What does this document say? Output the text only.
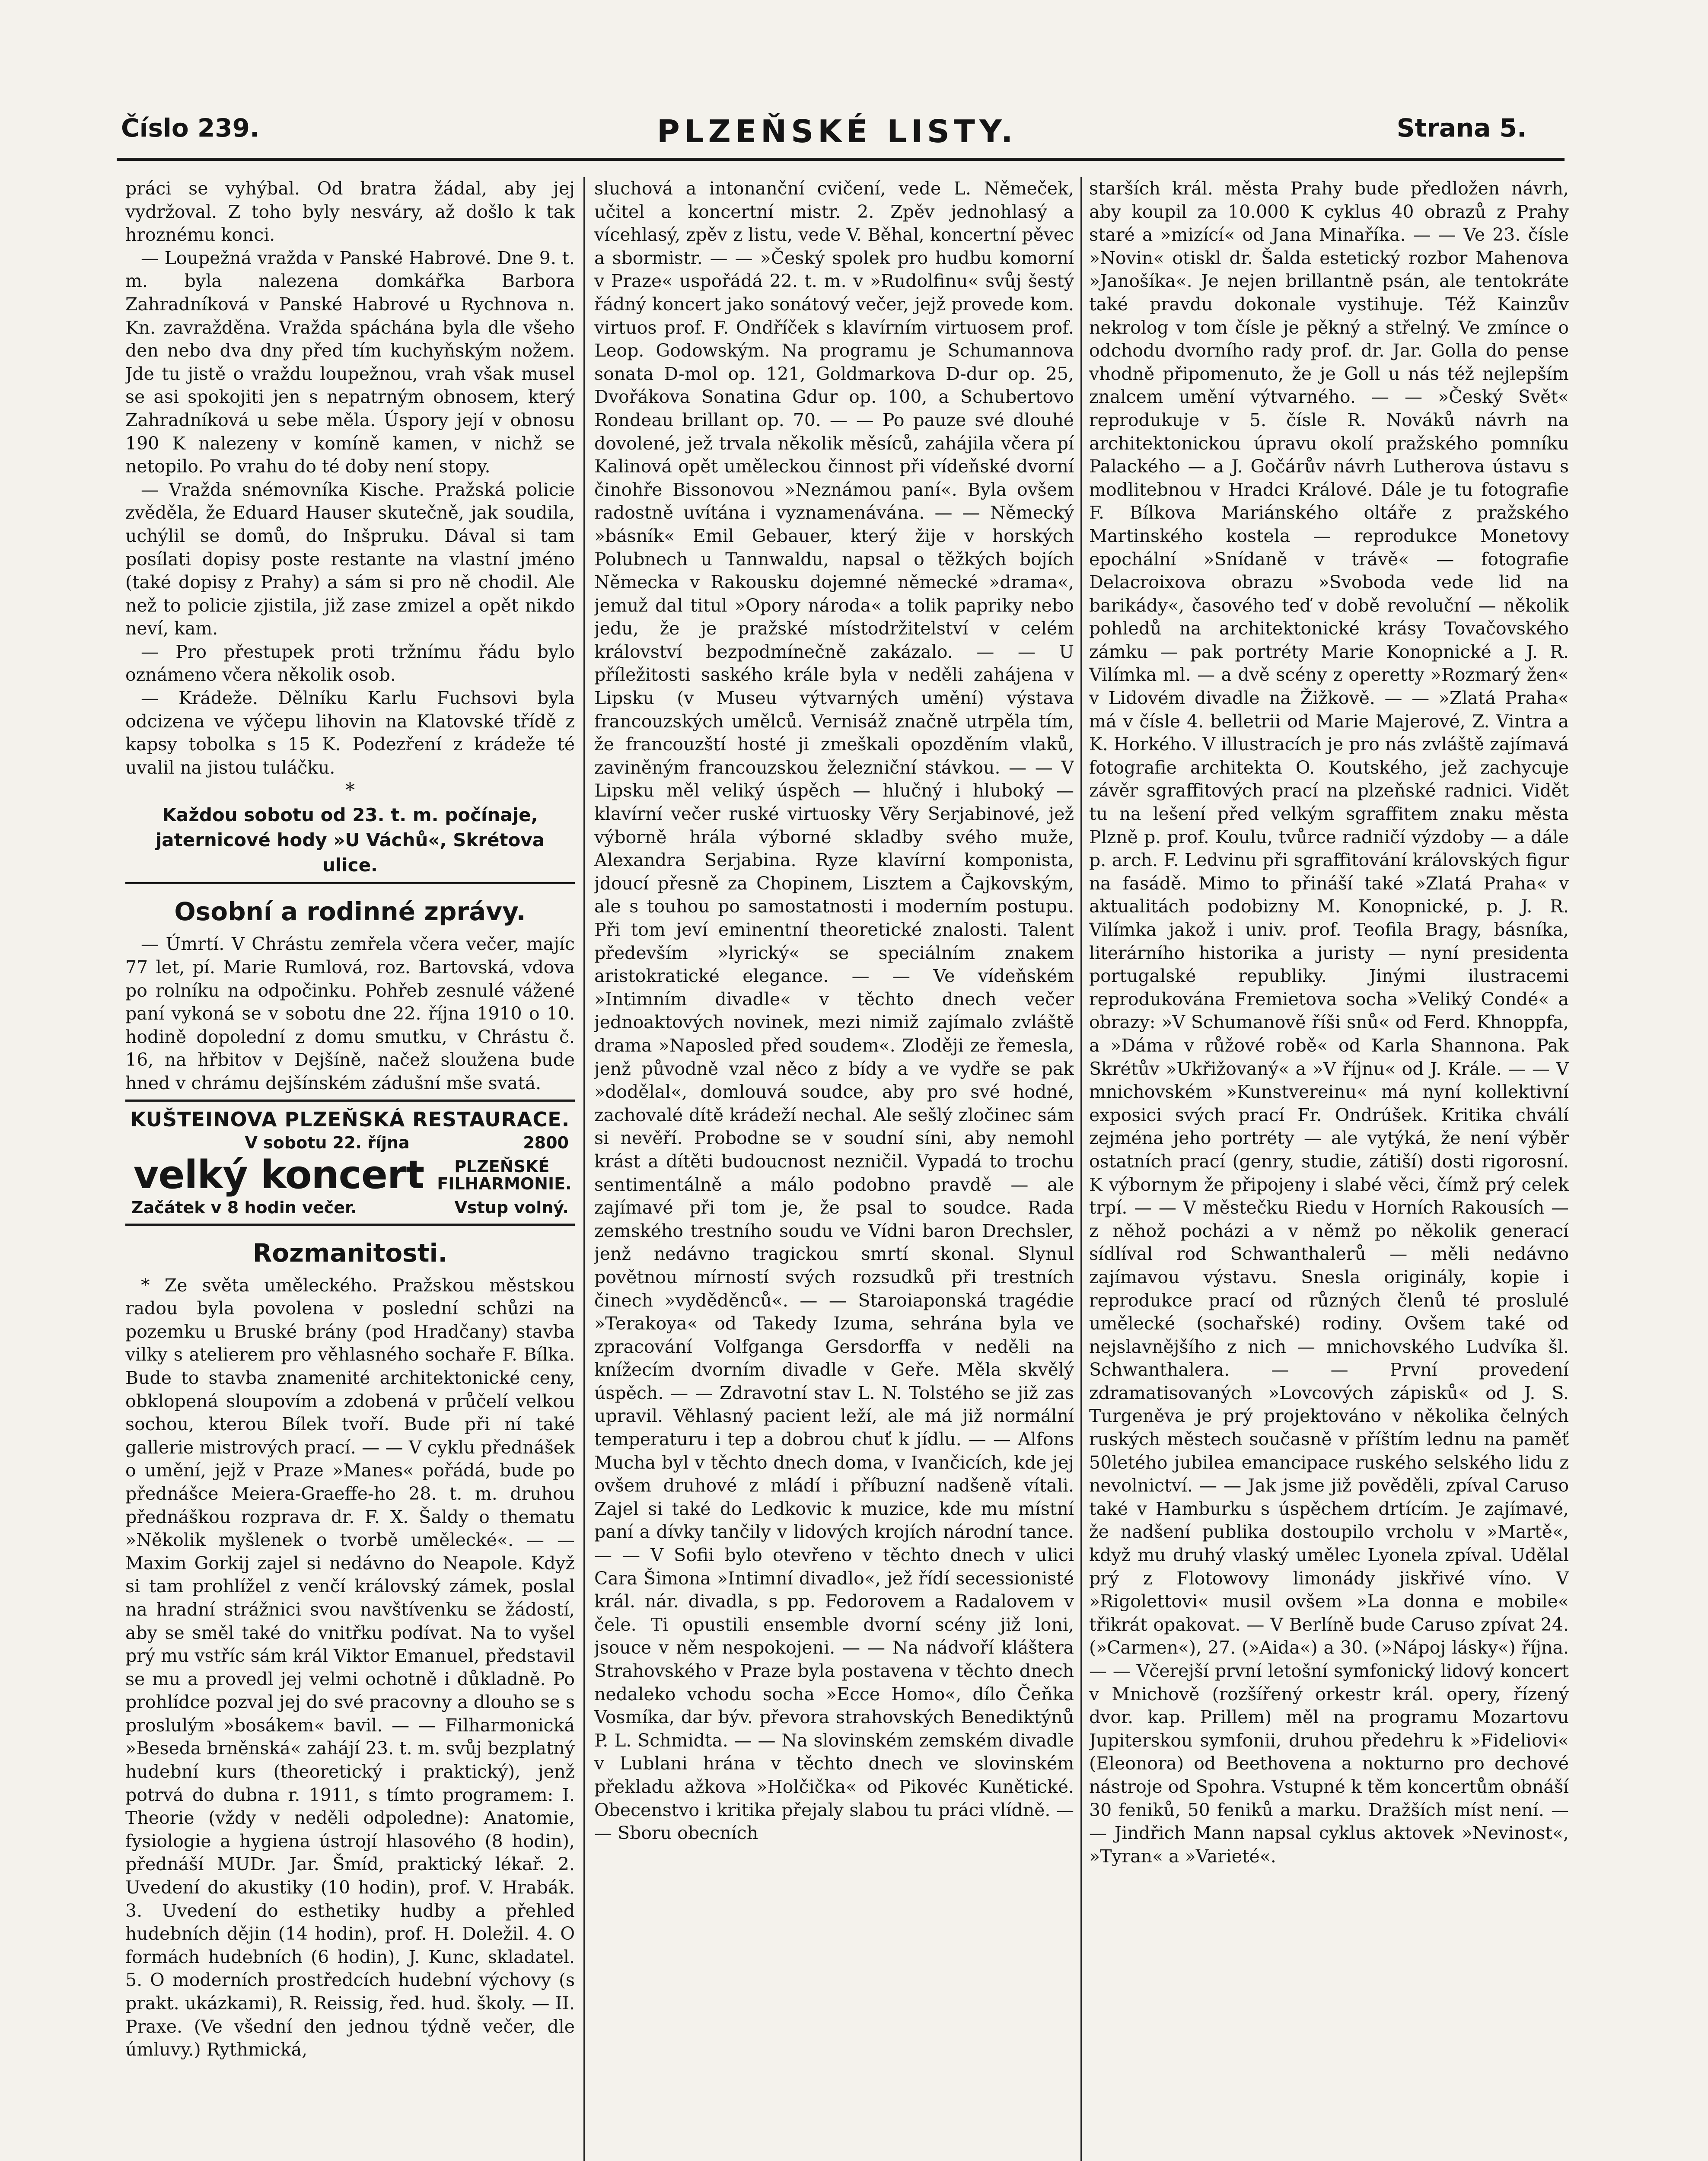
Číslo 239.	PLZEŇSKÉ LISTY.	Strana 5.

práci se vyhýbal. Od bratra žádal, aby jej vydržoval. Z toho byly nesváry, až došlo k tak hroznému konci.

— Loupežná vražda v Panské Habrové. Dne 9. t. m. byla nalezena domkářka Barbora Zahradníková v Panské Habrové u Rychnova n. Kn. zavražděna. Vražda spáchána byla dle všeho den nebo dva dny před tím kuchyňským nožem. Jde tu jistě o vraždu loupežnou, vrah však musel se asi spokojiti jen s nepatrným obnosem, který Zahradníková u sebe měla. Úspory její v obnosu 190 K nalezeny v komíně kamen, v nichž se netopilo. Po vrahu do té doby není stopy.

— Vražda snémovníka Kische. Pražská policie zvěděla, že Eduard Hauser skutečně, jak soudila, uchýlil se domů, do Inšpruku. Dával si tam posílati dopisy poste restante na vlastní jméno (také dopisy z Prahy) a sám si pro ně chodil. Ale než to policie zjistila, již zase zmizel a opět nikdo neví, kam.

— Pro přestupek proti tržnímu řádu bylo oznámeno včera několik osob.

— Krádeže. Dělníku Karlu Fuchsovi byla odcizena ve výčepu lihovin na Klatovské třídě z kapsy tobolka s 15 K. Podezření z krádeže té uvalil na jistou tuláčku.

*
Každou sobotu od 23. t. m. počínaje, jaternicové hody »U Váchů«, Skrétova ulice.
Osobní a rodinné zprávy.

— Úmrtí. V Chrástu zemřela včera večer, majíc 77 let, pí. Marie Rumlová, roz. Bartovská, vdova po rolníku na odpočinku. Pohřeb zesnulé vážené paní vykoná se v sobotu dne 22. října 1910 o 10. hodině dopolední z domu smutku, v Chrástu č. 16, na hřbitov v Dejšíně, načež sloužena bude hned v chrámu dejšínském zádušní mše svatá.

KUŠTEINOVA PLZEŇSKÁ RESTAURACE.
V sobotu 22. října	2800
velký koncert	PLZEŇSKÉ FILHARMONIE.
Začátek v 8 hodin večer.	Vstup volný.
Rozmanitosti.

* Ze světa uměleckého. Pražskou městskou radou byla povolena v poslední schůzi na pozemku u Bruské brány (pod Hradčany) stavba vilky s atelierem pro věhlasného sochaře F. Bílka. Bude to stavba znamenité architektonické ceny, obklopená sloupovím a zdobená v průčelí velkou sochou, kterou Bílek tvoří. Bude při ní také gallerie mistrových prací. — — V cyklu přednášek o umění, jejž v Praze »Manes« pořádá, bude po přednášce Meiera-Graeffe-ho 28. t. m. druhou přednáškou rozprava dr. F. X. Šaldy o thematu »Několik myšlenek o tvorbě umělecké«. — — Maxim Gorkij zajel si nedávno do Neapole. Když si tam prohlížel z venčí královský zámek, poslal na hradní strážnici svou navštívenku se žádostí, aby se směl také do vnitřku podívat. Na to vyšel prý mu vstříc sám král Viktor Emanuel, představil se mu a provedl jej velmi ochotně i důkladně. Po prohlídce pozval jej do své pracovny a dlouho se s proslulým »bosákem« bavil. — — Filharmonická »Beseda brněnská« zahájí 23. t. m. svůj bezplatný hudební kurs (theoretický i praktický), jenž potrvá do dubna r. 1911, s tímto programem: I. Theorie (vždy v neděli odpoledne): Anatomie, fysiologie a hygiena ústrojí hlasového (8 hodin), přednáší MUDr. Jar. Šmíd, praktický lékař. 2. Uvedení do akustiky (10 hodin), prof. V. Hrabák. 3. Uvedení do esthetiky hudby a přehled hudebních dějin (14 hodin), prof. H. Doležil. 4. O formách hudebních (6 hodin), J. Kunc, skladatel. 5. O moderních prostředcích hudební výchovy (s prakt. ukázkami), R. Reissig, řed. hud. školy. — II. Praxe. (Ve všední den jednou týdně večer, dle úmluvy.) Rythmická,

sluchová a intonanční cvičení, vede L. Němeček, učitel a koncertní mistr. 2. Zpěv jednohlasý a vícehlasý, zpěv z listu, vede V. Běhal, koncertní pěvec a sbormistr. — — »Český spolek pro hudbu komorní v Praze« uspořádá 22. t. m. v »Rudolfinu« svůj šestý řádný koncert jako sonátový večer, jejž provede kom. virtuos prof. F. Ondříček s klavírním virtuosem prof. Leop. Godowským. Na programu je Schumannova sonata D-mol op. 121, Goldmarkova D-dur op. 25, Dvořákova Sonatina Gdur op. 100, a Schubertovo Rondeau brillant op. 70. — — Po pauze své dlouhé dovolené, jež trvala několik měsíců, zahájila včera pí Kalinová opět uměleckou činnost při vídeňské dvorní činohře Bissonovou »Neznámou paní«. Byla ovšem radostně uvítána i vyznamenávána. — — Německý »básník« Emil Gebauer, který žije v horských Polubnech u Tannwaldu, napsal o těžkých bojích Německa v Rakousku dojemné německé »drama«, jemuž dal titul »Opory národa« a tolik papriky nebo jedu, že je pražské místodržitelství v celém království bezpodmínečně zakázalo. — — U příležitosti saského krále byla v neděli zahájena v Lipsku (v Museu výtvarných umění) výstava francouzských umělců. Vernisáž značně utrpěla tím, že francouzští hosté ji zmeškali opozděním vlaků, zaviněným francouzskou železniční stávkou. — — V Lipsku měl veliký úspěch — hlučný i hluboký — klavírní večer ruské virtuosky Věry Serjabinové, jež výborně hrála výborné skladby svého muže, Alexandra Serjabina. Ryze klavírní komponista, jdoucí přesně za Chopinem, Lisztem a Čajkovským, ale s touhou po samostatnosti i moderním postupu. Při tom jeví eminentní theoretické znalosti. Talent především »lyrický« se speciálním znakem aristokratické elegance. — — Ve vídeňském »Intimním divadle« v těchto dnech večer jednoaktových novinek, mezi nimiž zajímalo zvláště drama »Naposled před soudem«. Zloději ze řemesla, jenž původně vzal něco z bídy a ve vydře se pak »dodělal«, domlouvá soudce, aby pro své hodné, zachovalé dítě krádeží nechal. Ale sešlý zločinec sám si nevěří. Probodne se v soudní síni, aby nemohl krást a dítěti budoucnost nezničil. Vypadá to trochu sentimentálně a málo podobno pravdě — ale zajímavé při tom je, že psal to soudce. Rada zemského trestního soudu ve Vídni baron Drechsler, jenž nedávno tragickou smrtí skonal. Slynul povětnou mírností svých rozsudků při trestních činech »vyděděnců«. — — Staroiaponská tragédie »Terakoya« od Takedy Izuma, sehrána byla ve zpracování Volfganga Gersdorffa v neděli na knížecím dvorním divadle v Geře. Měla skvělý úspěch. — — Zdravotní stav L. N. Tolstého se již zas upravil. Věhlasný pacient leží, ale má již normální temperaturu i tep a dobrou chuť k jídlu. — — Alfons Mucha byl v těchto dnech doma, v Ivančicích, kde jej ovšem druhové z mládí i příbuzní nadšeně vítali. Zajel si také do Ledkovic k muzice, kde mu místní paní a dívky tančily v lidových krojích národní tance. — — V Sofii bylo otevřeno v těchto dnech v ulici Cara Šimona »Intimní divadlo«, jež řídí secessionisté král. nár. divadla, s pp. Fedorovem a Radalovem v čele. Ti opustili ensemble dvorní scény již loni, jsouce v něm nespokojeni. — — Na nádvoří kláštera Strahovského v Praze byla postavena v těchto dnech nedaleko vchodu socha »Ecce Homo«, dílo Čeňka Vosmíka, dar býv. převora strahovských Benediktýnů P. L. Schmidta. — — Na slovinském zemském divadle v Lublani hrána v těchto dnech ve slovinském překladu ažkova »Holčička« od Pikovéc Kunětické. Obecenstvo i kritika přejaly slabou tu práci vlídně. — — Sboru obecních

starších král. města Prahy bude předložen návrh, aby koupil za 10.000 K cyklus 40 obrazů z Prahy staré a »mizící« od Jana Minaříka. — — Ve 23. čísle »Novin« otiskl dr. Šalda estetický rozbor Mahenova »Janošíka«. Je nejen brillantně psán, ale tentokráte také pravdu dokonale vystihuje. Též Kainzův nekrolog v tom čísle je pěkný a střelný. Ve zmínce o odchodu dvorního rady prof. dr. Jar. Golla do pense vhodně připomenuto, že je Goll u nás též nejlepším znalcem umění výtvarného. — — »Český Svět« reprodukuje v 5. čísle R. Nováků návrh na architektonickou úpravu okolí pražského pomníku Palackého — a J. Gočárův návrh Lutherova ústavu s modlitebnou v Hradci Králové. Dále je tu fotografie F. Bílkova Mariánského oltáře z pražského Martinského kostela — reprodukce Monetovy epochální »Snídaně v trávě« — fotografie Delacroixova obrazu »Svoboda vede lid na barikády«, časového teď v době revoluční — několik pohledů na architektonické krásy Tovačovského zámku — pak portréty Marie Konopnické a J. R. Vilímka ml. — a dvě scény z operetty »Rozmarý žen« v Lidovém divadle na Žižkově. — — »Zlatá Praha« má v čísle 4. belletrii od Marie Majerové, Z. Vintra a K. Horkého. V illustracích je pro nás zvláště zajímavá fotografie architekta O. Koutského, jež zachycuje závěr sgraffitových prací na plzeňské radnici. Vidět tu na lešení před velkým sgraffitem znaku města Plzně p. prof. Koulu, tvůrce radničí výzdoby — a dále p. arch. F. Ledvinu při sgraffitování královských figur na fasádě. Mimo to přináší také »Zlatá Praha« v aktualitách podobizny M. Konopnické, p. J. R. Vilímka jakož i univ. prof. Teofila Bragy, básníka, literárního historika a juristy — nyní presidenta portugalské republiky. Jinými ilustracemi reprodukována Fremietova socha »Veliký Condé« a obrazy: »V Schumanově říši snů« od Ferd. Khnoppfa, a »Dáma v růžové robě« od Karla Shannona. Pak Skrétův »Ukřižovaný« a »V říjnu« od J. Krále. — — V mnichovském »Kunstvereinu« má nyní kollektivní exposici svých prací Fr. Ondrúšek. Kritika chválí zejména jeho portréty — ale vytýká, že není výběr ostatních prací (genry, studie, zátiší) dosti rigorosní. K výbornym že připojeny i slabé věci, čímž prý celek trpí. — — V městečku Riedu v Horních Rakousích — z něhož pocházi a v němž po několik generací sídlíval rod Schwanthalerů — měli nedávno zajímavou výstavu. Snesla originály, kopie i reprodukce prací od různých členů té proslulé umělecké (sochařské) rodiny. Ovšem také od nejslavnějšího z nich — mnichovského Ludvíka šl. Schwanthalera. — — První provedení zdramatisovaných »Lovcových zápisků« od J. S. Turgeněva je prý projektováno v několika čelných ruských městech současně v příštím lednu na paměť 50letého jubilea emancipace ruského selského lidu z nevolnictví. — — Jak jsme již pověděli, zpíval Caruso také v Hamburku s úspěchem drtícím. Je zajímavé, že nadšení publika dostoupilo vrcholu v »Martě«, když mu druhý vlaský umělec Lyonela zpíval. Udělal prý z Flotowovy limonády jiskřivé víno. V »Rigolettovi« musil ovšem »La donna e mobile« třikrát opakovat. — V Berlíně bude Caruso zpívat 24. (»Carmen«), 27. (»Aida«) a 30. (»Nápoj lásky«) října. — — Včerejší první letošní symfonický lidový koncert v Mnichově (rozšířený orkestr král. opery, řízený dvor. kap. Prillem) měl na programu Mozartovu Jupiterskou symfonii, druhou předehru k »Fideliovi« (Eleonora) od Beethovena a nokturno pro dechové nástroje od Spohra. Vstupné k těm koncertům obnáší 30 feniků, 50 feniků a marku. Dražších míst není. — — Jindřich Mann napsal cyklus aktovek »Nevinost«, »Tyran« a »Varieté«.
